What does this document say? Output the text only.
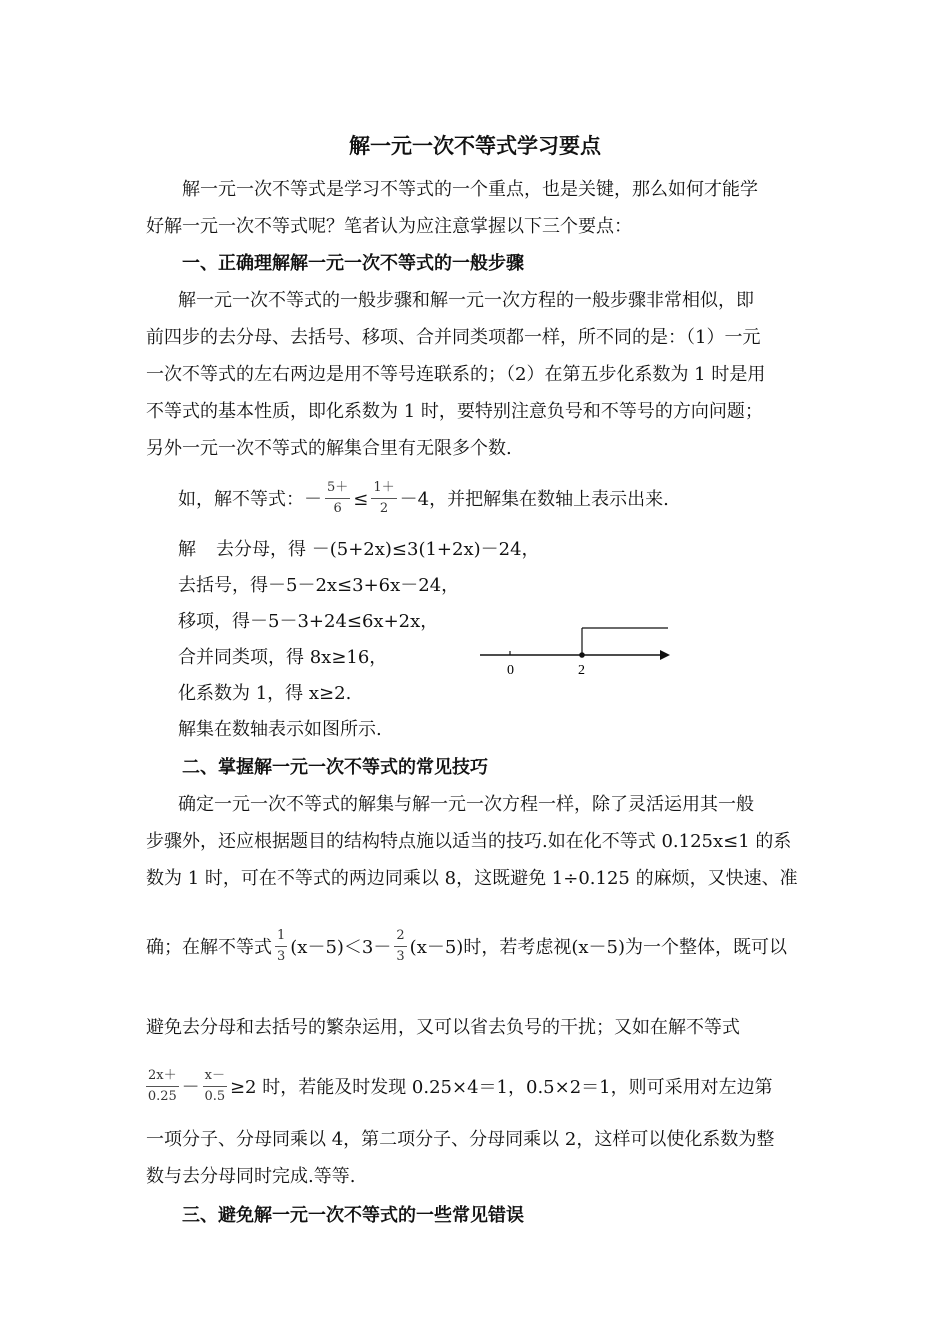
解一元一次不等式学习要点
解一元一次不等式是学习不等式的一个重点，也是关键，那么如何才能学
好解一元一次不等式呢？笔者认为应注意掌握以下三个要点：
一、正确理解解一元一次不等式的一般步骤
解一元一次不等式的一般步骤和解一元一次方程的一般步骤非常相似，即
前四步的去分母、去括号、移项、合并同类项都一样，所不同的是：（1）一元
一次不等式的左右两边是用不等号连联系的；（2）在第五步化系数为 1 时是用
不等式的基本性质，即化系数为 1 时，要特别注意负号和不等号的方向问题；
另外一元一次不等式的解集合里有无限多个数.
如，解不等式：－ $\frac{5+}{6} \le \frac{1+}{2} -4$，并把解集在数轴上表示出来.
解 去分母，得 －(5+2x)≤3(1+2x)－24，
去括号，得－5－2x≤3+6x－24，
移项，得－5－3+24≤6x+2x，
合并同类项，得 8x≥16，
化系数为 1，得 x≥2.
解集在数轴表示如图所示.
0	2
二、掌握解一元一次不等式的常见技巧
确定一元一次不等式的解集与解一元一次方程一样，除了灵活运用其一般
步骤外，还应根据题目的结构特点施以适当的技巧.如在化不等式 0.125x≤1 的系
数为 1 时，可在不等式的两边同乘以 8，这既避免 1÷0.125 的麻烦，又快速、准
确；在解不等式 $\frac{1}{3} (x-5)<3- \frac{2}{3} (x-5)$时，若考虑视(x－5)为一个整体，既可以
避免去分母和去括号的繁杂运用，又可以省去负号的干扰；又如在解不等式
$\frac{2x+}{0.25} - \frac{x-}{0.5} \ge 2$ 时，若能及时发现 0.25×4＝1，0.5×2＝1，则可采用对左边第
一项分子、分母同乘以 4，第二项分子、分母同乘以 2，这样可以使化系数为整
数与去分母同时完成.等等.
三、避免解一元一次不等式的一些常见错误
